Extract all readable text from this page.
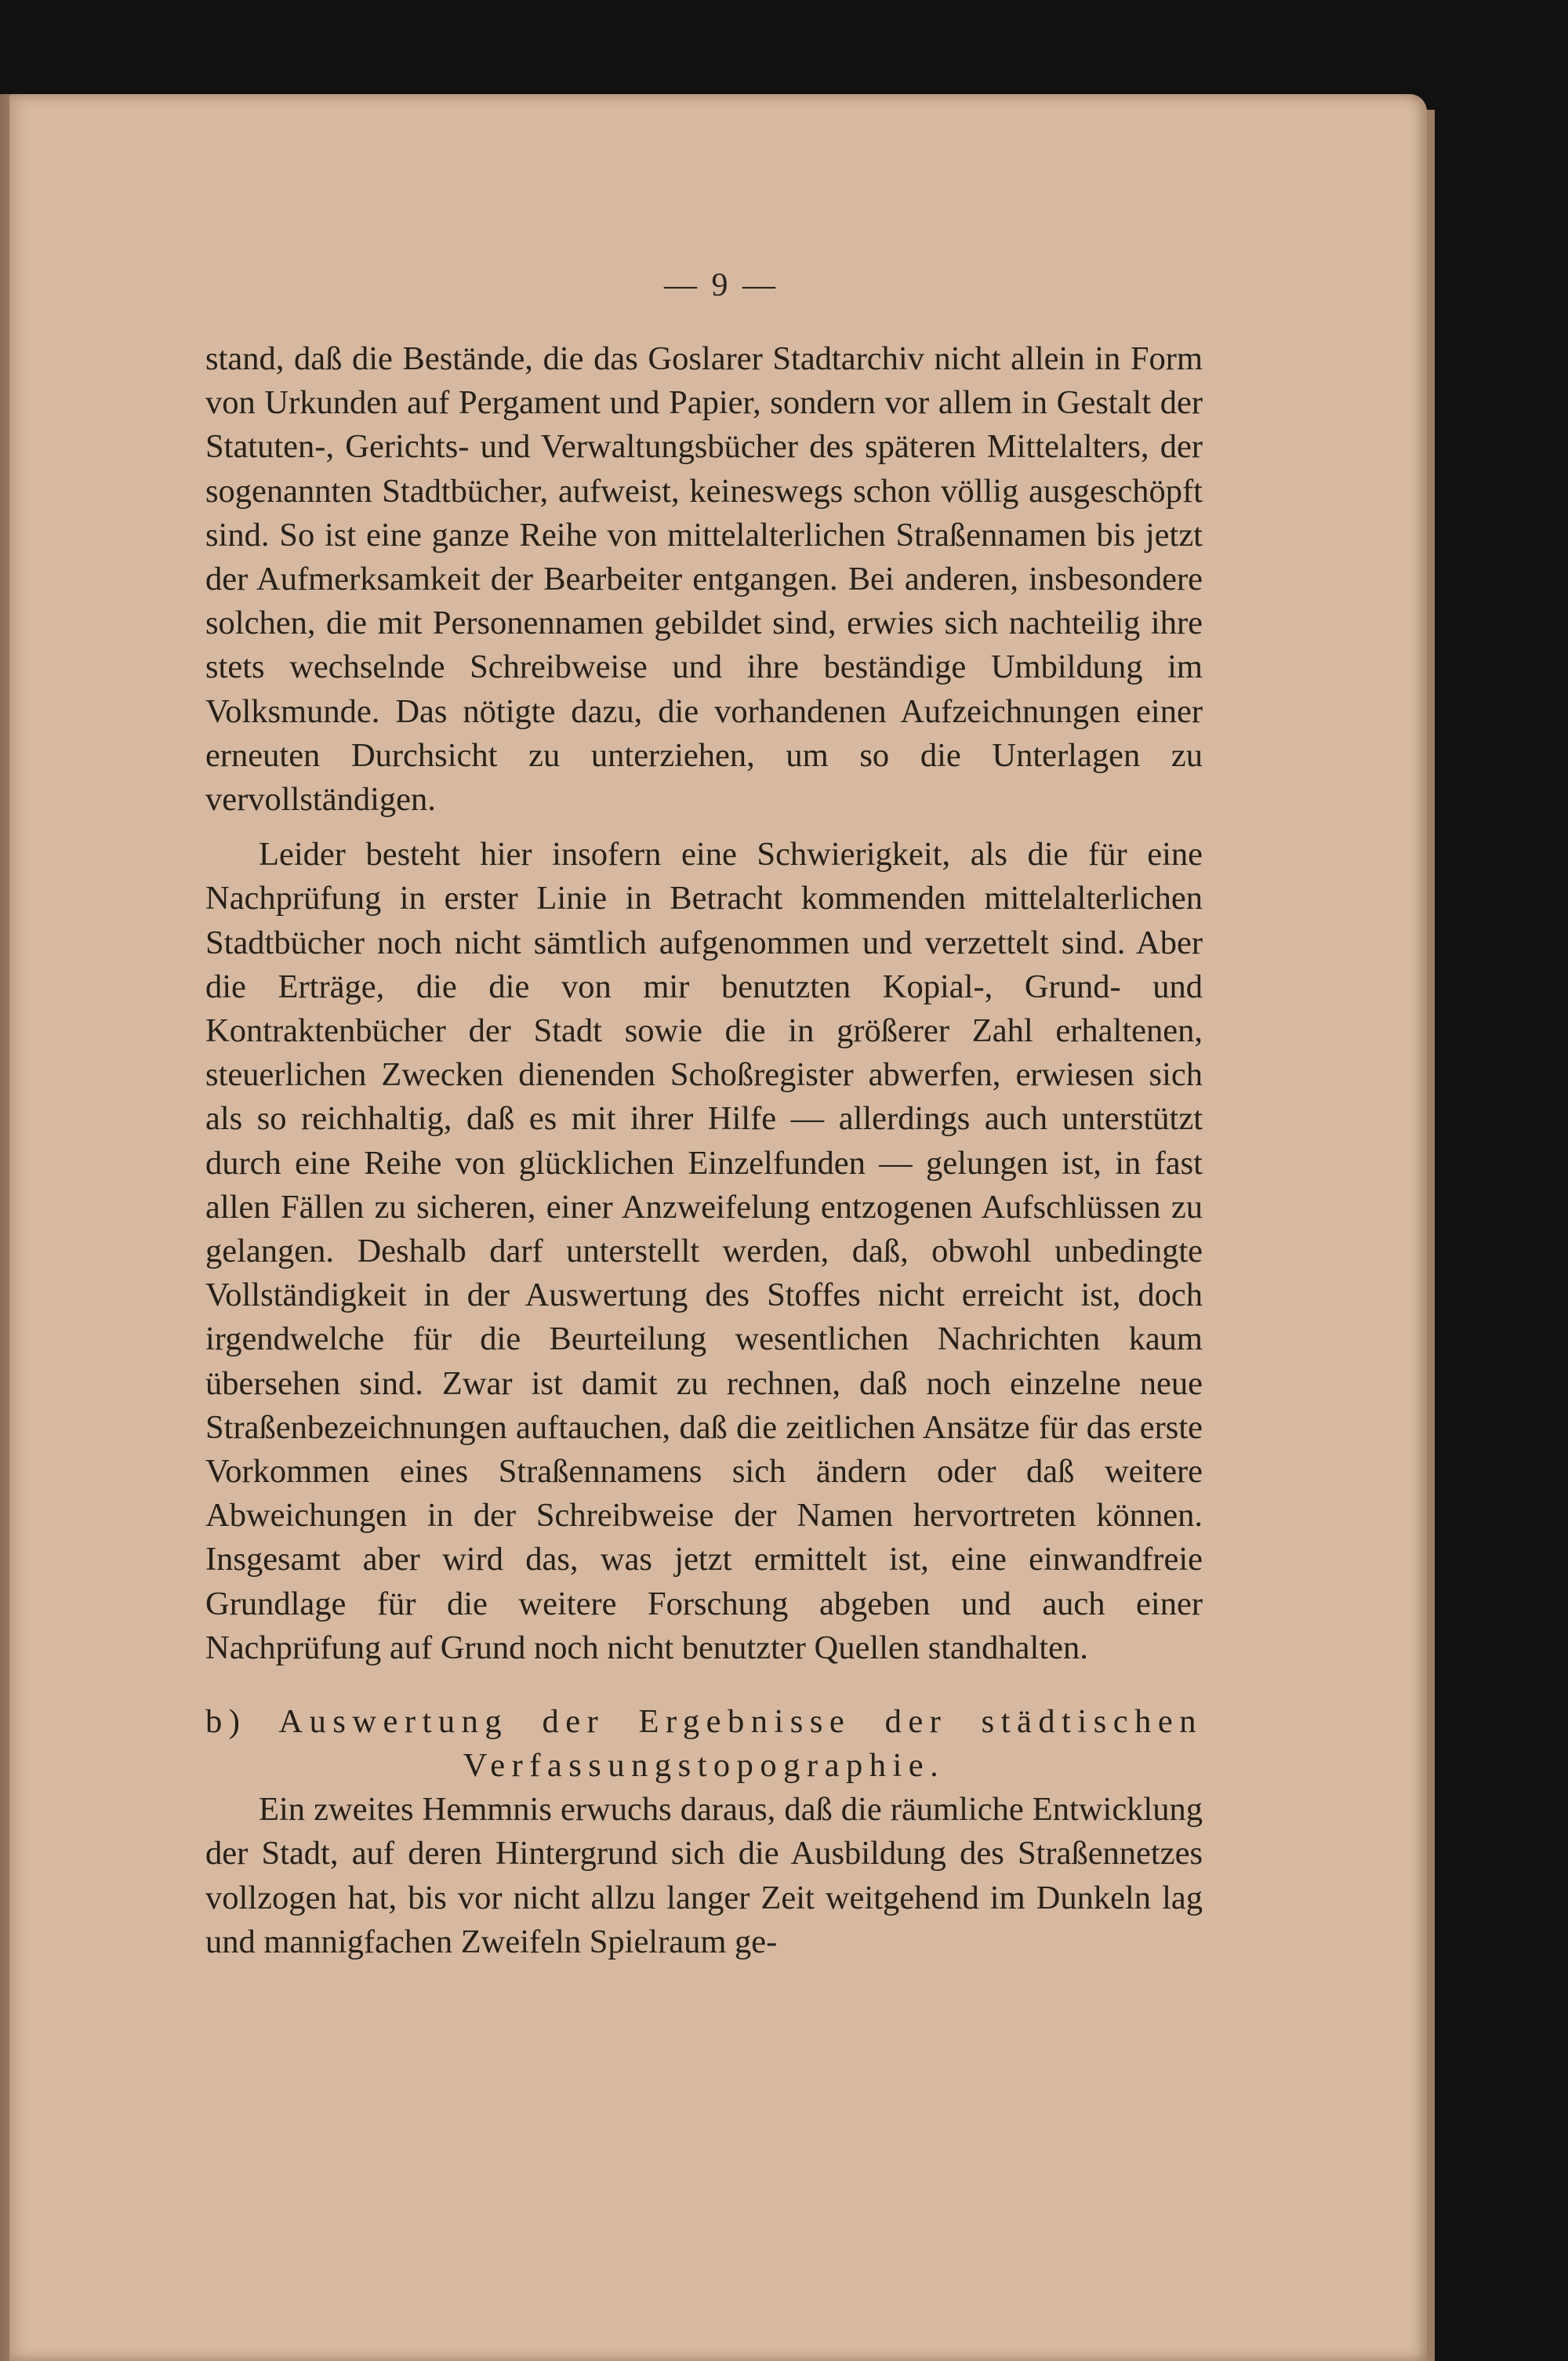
— 9 —

stand, daß die Bestände, die das Goslarer Stadtarchiv nicht allein in Form von Urkunden auf Pergament und Papier, sondern vor allem in Gestalt der Statuten-, Gerichts- und Verwaltungsbücher des späteren Mittelalters, der sogenannten Stadtbücher, aufweist, keineswegs schon völlig ausgeschöpft sind. So ist eine ganze Reihe von mittelalterlichen Straßennamen bis jetzt der Aufmerksamkeit der Bearbeiter entgangen. Bei anderen, insbesondere solchen, die mit Personennamen gebildet sind, erwies sich nachteilig ihre stets wechselnde Schreibweise und ihre beständige Umbildung im Volksmunde. Das nötigte dazu, die vorhandenen Aufzeichnungen einer erneuten Durchsicht zu unterziehen, um so die Unterlagen zu vervollständigen.

Leider besteht hier insofern eine Schwierigkeit, als die für eine Nachprüfung in erster Linie in Betracht kommenden mittelalterlichen Stadtbücher noch nicht sämtlich aufgenommen und verzettelt sind. Aber die Erträge, die die von mir benutzten Kopial-, Grund- und Kontraktenbücher der Stadt sowie die in größerer Zahl erhaltenen, steuerlichen Zwecken dienenden Schoßregister abwerfen, erwiesen sich als so reichhaltig, daß es mit ihrer Hilfe — allerdings auch unterstützt durch eine Reihe von glücklichen Einzelfunden — gelungen ist, in fast allen Fällen zu sicheren, einer Anzweifelung entzogenen Aufschlüssen zu gelangen. Deshalb darf unterstellt werden, daß, obwohl unbedingte Vollständigkeit in der Auswertung des Stoffes nicht erreicht ist, doch irgendwelche für die Beurteilung wesentlichen Nachrichten kaum übersehen sind. Zwar ist damit zu rechnen, daß noch einzelne neue Straßenbezeichnungen auftauchen, daß die zeitlichen Ansätze für das erste Vorkommen eines Straßennamens sich ändern oder daß weitere Abweichungen in der Schreibweise der Namen hervortreten können. Insgesamt aber wird das, was jetzt ermittelt ist, eine einwandfreie Grundlage für die weitere Forschung abgeben und auch einer Nachprüfung auf Grund noch nicht benutzter Quellen standhalten.

b) Auswertung der Ergebnisse der städtischen
Verfassungstopographie.

Ein zweites Hemmnis erwuchs daraus, daß die räumliche Entwicklung der Stadt, auf deren Hintergrund sich die Ausbildung des Straßennetzes vollzogen hat, bis vor nicht allzu langer Zeit weitgehend im Dunkeln lag und mannigfachen Zweifeln Spielraum ge-
